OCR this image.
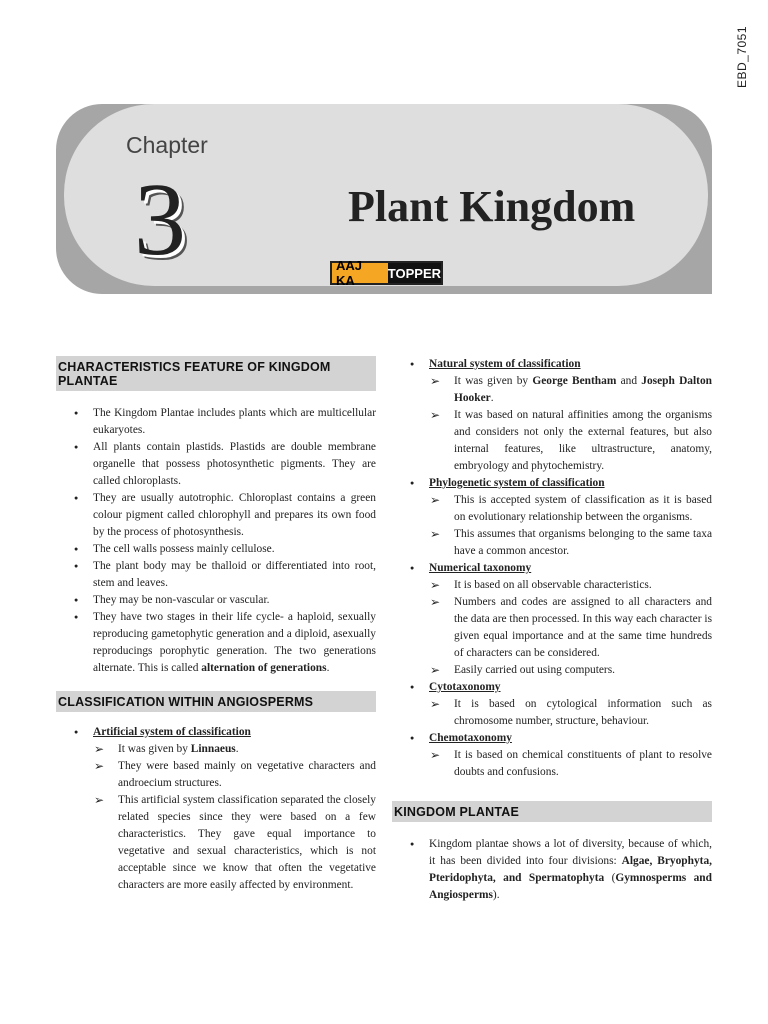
EBD_7051
Chapter
3	Plant Kingdom
AAJ KA	TOPPER
CHARACTERISTICS FEATURE OF KINGDOM PLANTAE
● The Kingdom Plantae includes plants which are multicellular eukaryotes.
● All plants contain plastids. Plastids are double membrane organelle that possess photosynthetic pigments. They are called chloroplasts.
● They are usually autotrophic. Chloroplast contains a green colour pigment called chlorophyll and prepares its own food by the process of photosynthesis.
● The cell walls possess mainly cellulose.
● The plant body may be thalloid or differentiated into root, stem and leaves.
● They may be non-vascular or vascular.
● They have two stages in their life cycle- a haploid, sexually reproducing gametophytic generation and a diploid, asexually reproducings porophytic generation. The two generations alternate. This is called alternation of generations.
CLASSIFICATION WITHIN ANGIOSPERMS
● Artificial system of classification
➢ It was given by Linnaeus.
➢ They were based mainly on vegetative characters and androecium structures.
➢ This artificial system classification separated the closely related species since they were based on a few characteristics. They gave equal importance to vegetative and sexual characteristics, which is not acceptable since we know that often the vegetative characters are more easily affected by environment.
● Natural system of classification
➢ It was given by George Bentham and Joseph Dalton Hooker.
➢ It was based on natural affinities among the organisms and considers not only the external features, but also internal features, like ultrastructure, anatomy, embryology and phytochemistry.
● Phylogenetic system of classification
➢ This is accepted system of classification as it is based on evolutionary relationship between the organisms.
➢ This assumes that organisms belonging to the same taxa have a common ancestor.
● Numerical taxonomy
➢ It is based on all observable characteristics.
➢ Numbers and codes are assigned to all characters and the data are then processed. In this way each character is given equal importance and at the same time hundreds of characters can be considered.
➢ Easily carried out using computers.
● Cytotaxonomy
➢ It is based on cytological information such as chromosome number, structure, behaviour.
● Chemotaxonomy
➢ It is based on chemical constituents of plant to resolve doubts and confusions.
KINGDOM PLANTAE
● Kingdom plantae shows a lot of diversity, because of which, it has been divided into four divisions: Algae, Bryophyta, Pteridophyta, and Spermatophyta (Gymnosperms and Angiosperms).
